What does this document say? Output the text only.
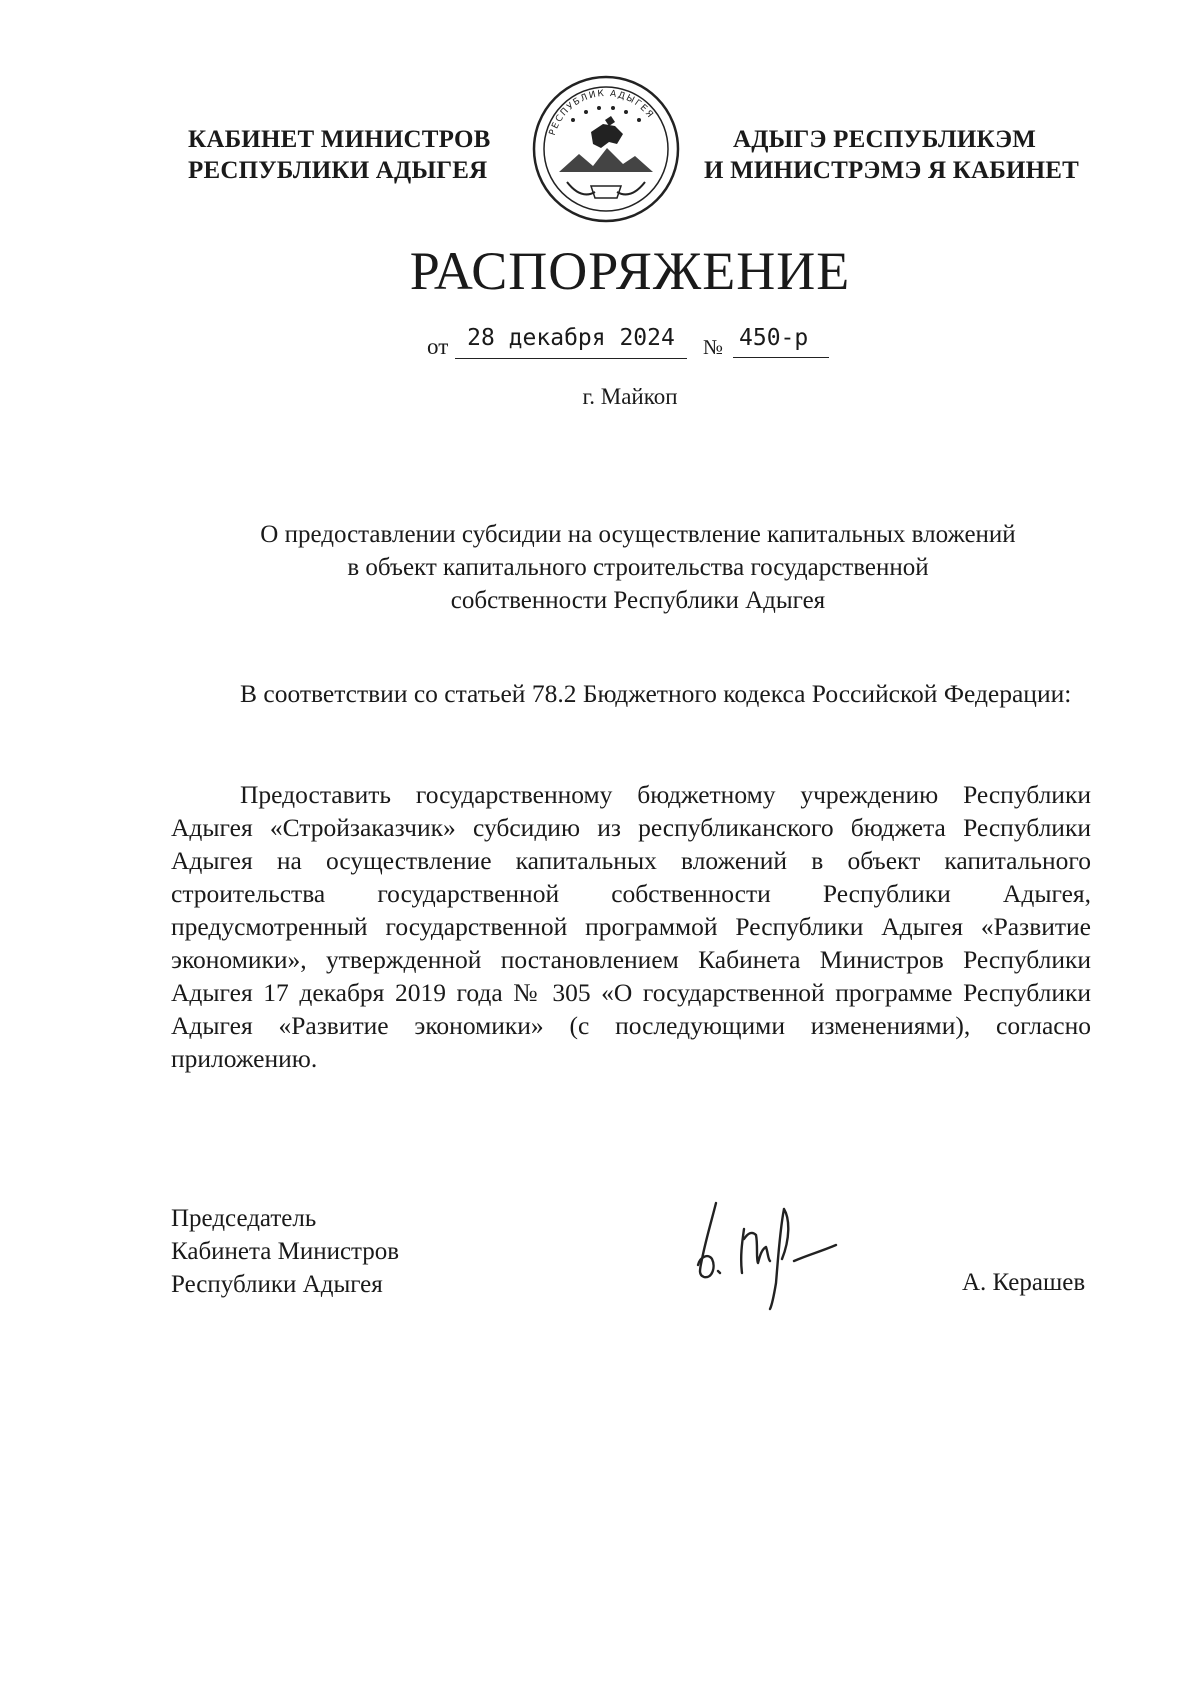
КАБИНЕТ МИНИСТРОВ
РЕСПУБЛИКИ АДЫГЕЯ
РЕСПУБЛИК АДЫГЕЯ
АДЫГЭ РЕСПУБЛИКЭМ
И МИНИСТРЭМЭ Я КАБИНЕТ
РАСПОРЯЖЕНИЕ
от 28 декабря 2024	№ 450-р
г. Майкоп
О предоставлении субсидии на осуществление капитальных вложений
в объект капитального строительства государственной
собственности Республики Адыгея
В соответствии со статьей 78.2 Бюджетного кодекса Российской Федерации:
Предоставить государственному бюджетному учреждению Республики Адыгея «Стройзаказчик» субсидию из республиканского бюджета Республики Адыгея на осуществление капитальных вложений в объект капитального строительства государственной собственности Республики Адыгея, предусмотренный государственной программой Республики Адыгея «Развитие экономики», утвержденной постановлением Кабинета Министров Республики Адыгея 17 декабря 2019 года № 305 «О государственной программе Республики Адыгея «Развитие экономики» (с последующими изменениями), согласно приложению.
Председатель
Кабинета Министров
Республики Адыгея	А. Керашев
